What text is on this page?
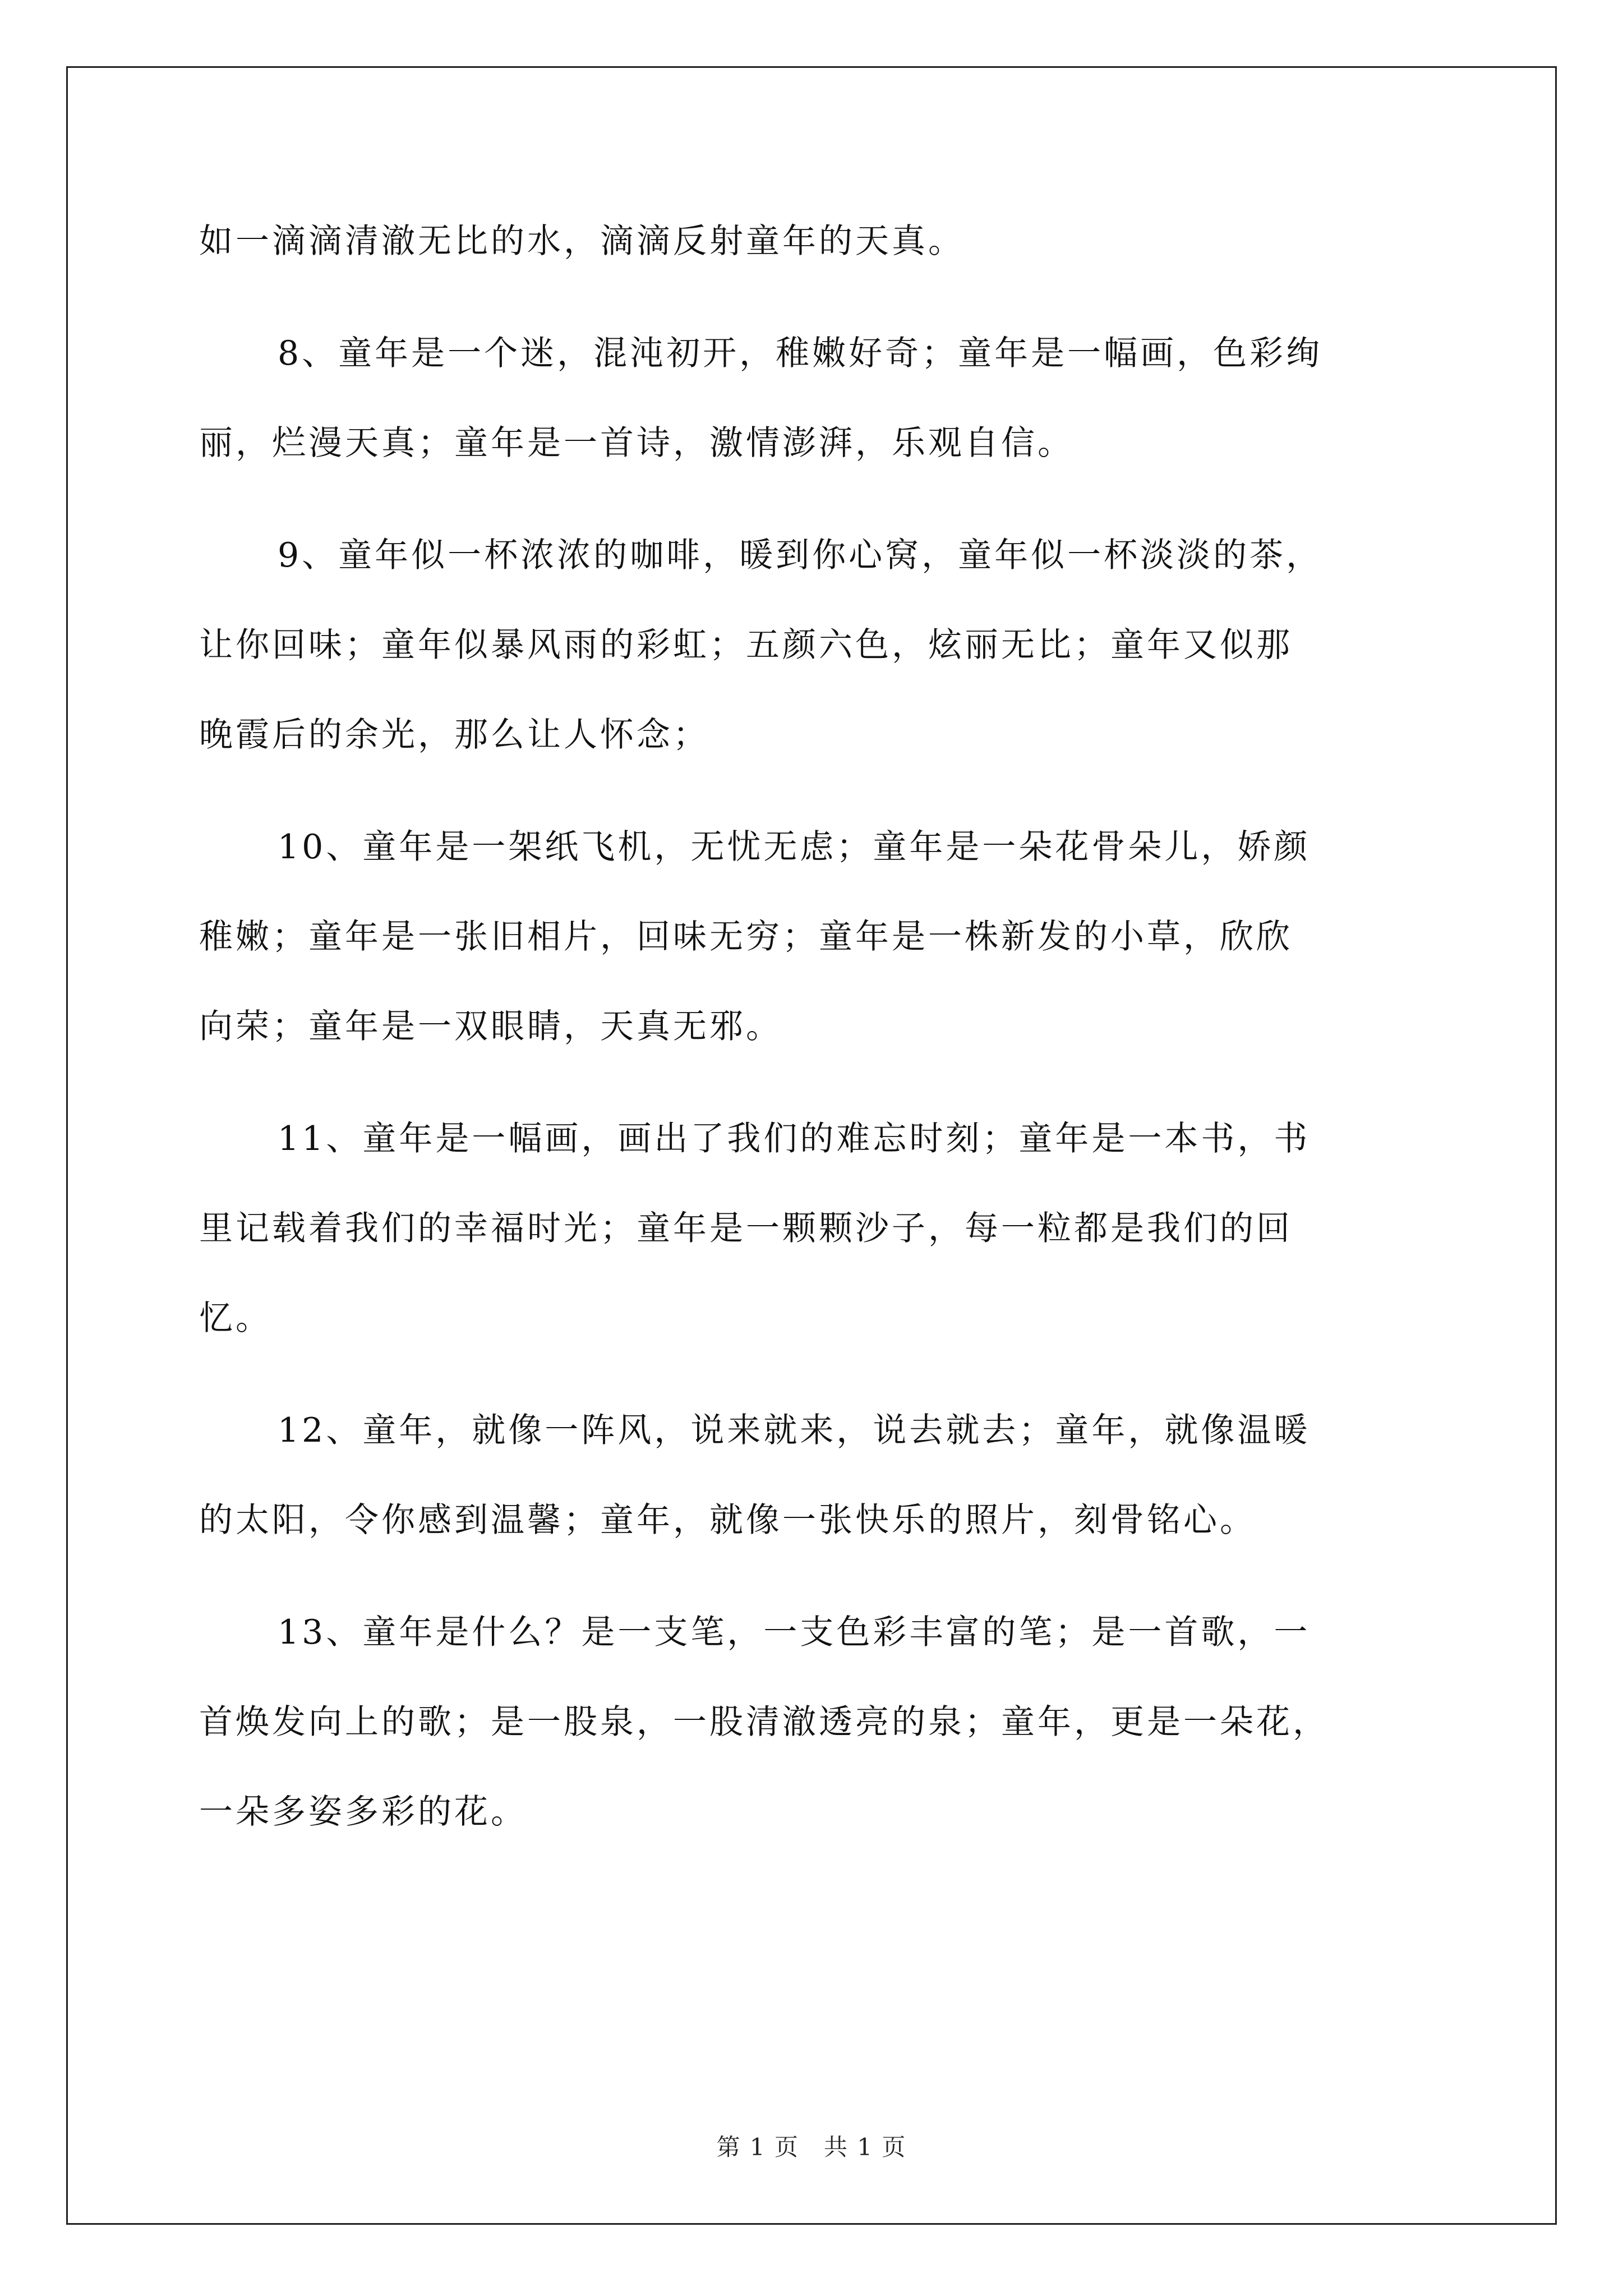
如一滴滴清澈无比的水，滴滴反射童年的天真。

8、童年是一个迷，混沌初开，稚嫩好奇；童年是一幅画，色彩绚
丽，烂漫天真；童年是一首诗，激情澎湃，乐观自信。

9、童年似一杯浓浓的咖啡，暖到你心窝，童年似一杯淡淡的茶，
让你回味；童年似暴风雨的彩虹；五颜六色，炫丽无比；童年又似那
晚霞后的余光，那么让人怀念；

10、童年是一架纸飞机，无忧无虑；童年是一朵花骨朵儿，娇颜
稚嫩；童年是一张旧相片，回味无穷；童年是一株新发的小草，欣欣
向荣；童年是一双眼睛，天真无邪。

11、童年是一幅画，画出了我们的难忘时刻；童年是一本书，书
里记载着我们的幸福时光；童年是一颗颗沙子，每一粒都是我们的回
忆。

12、童年，就像一阵风，说来就来，说去就去；童年，就像温暖
的太阳，令你感到温馨；童年，就像一张快乐的照片，刻骨铭心。

13、童年是什么？是一支笔，一支色彩丰富的笔；是一首歌，一
首焕发向上的歌；是一股泉，一股清澈透亮的泉；童年，更是一朵花，
一朵多姿多彩的花。

第 1 页　共 1 页
